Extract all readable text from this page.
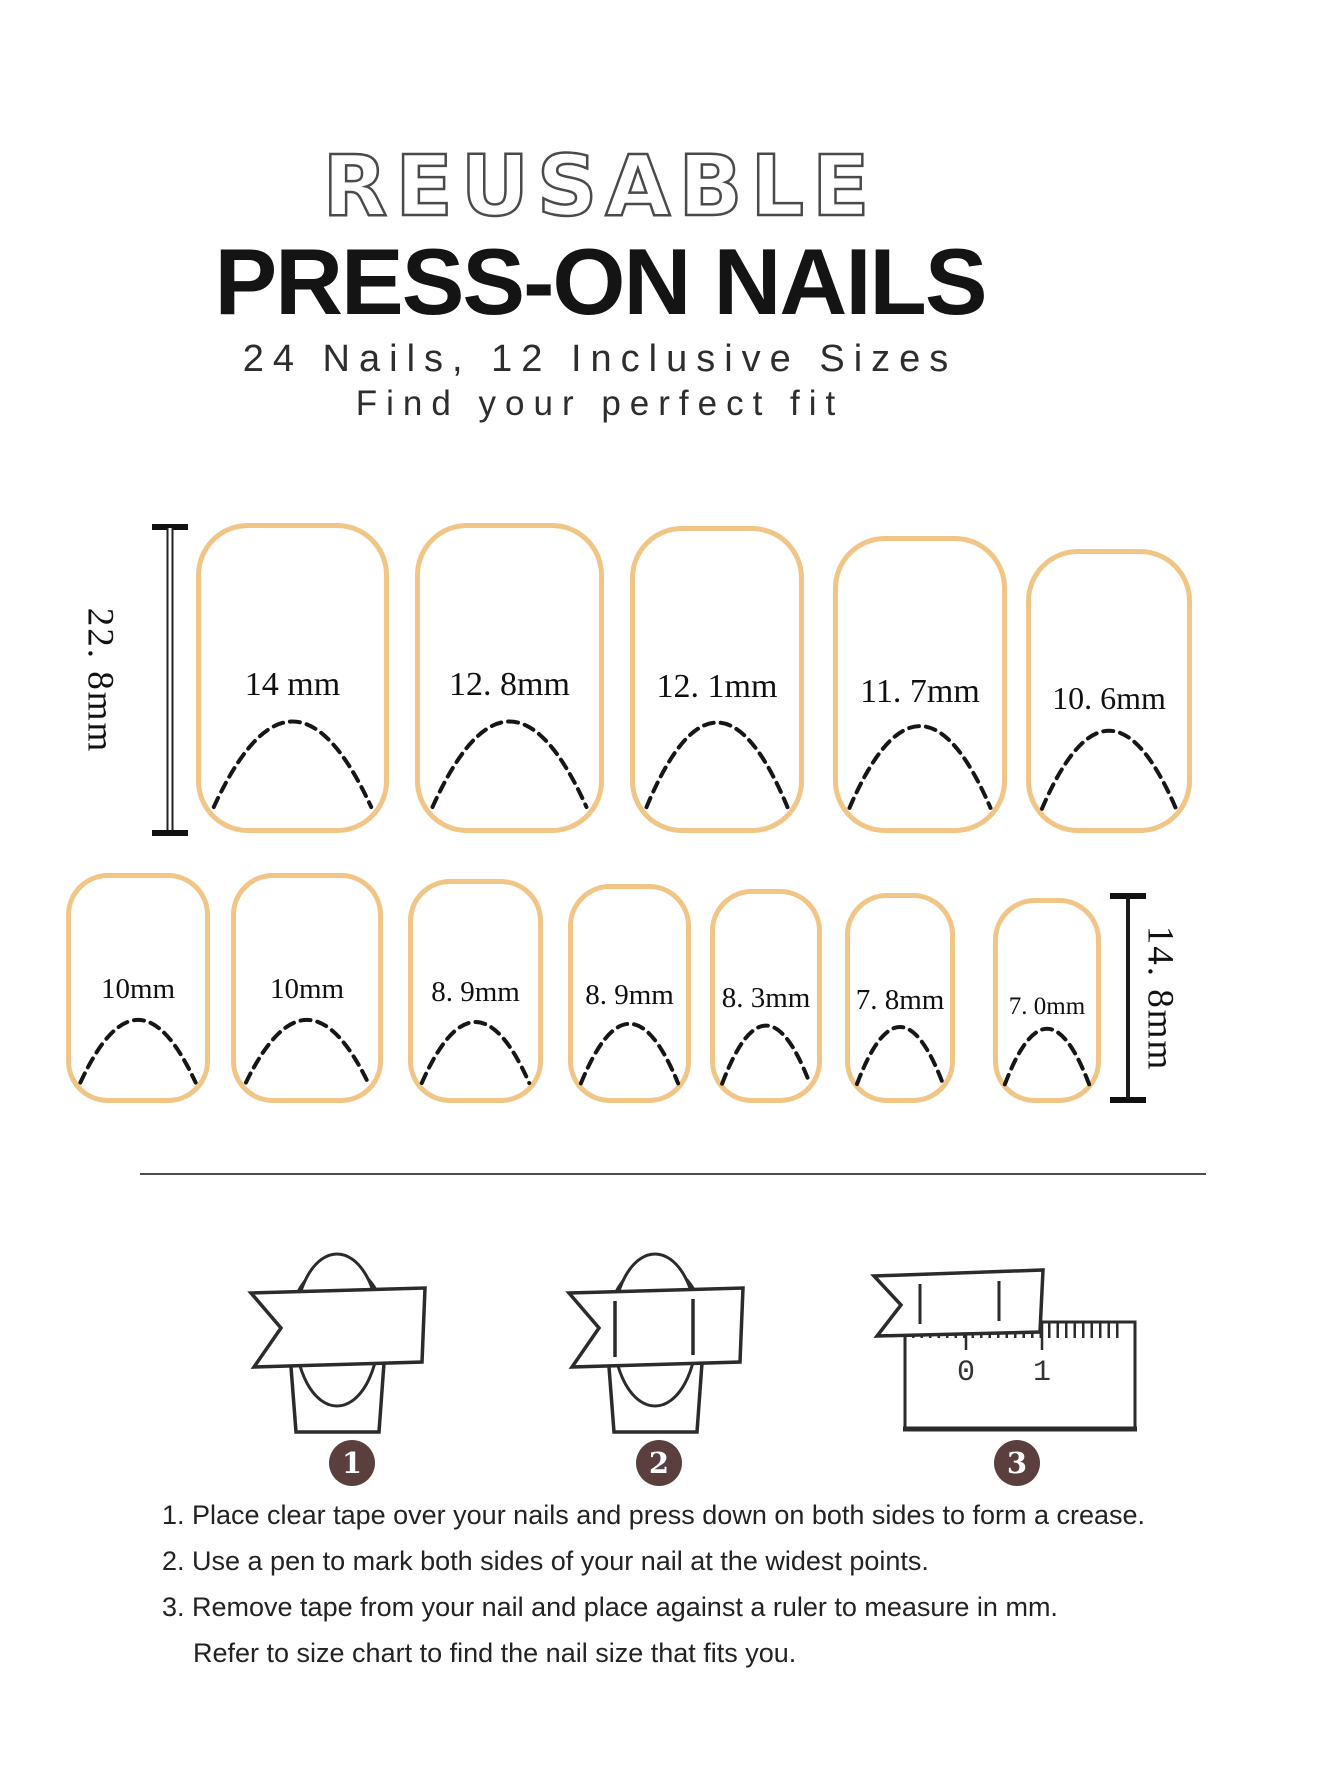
REUSABLE
PRESS-ON NAILS
24 Nails, 12 Inclusive Sizes
Find your perfect fit
22. 8mm	14 mm	12. 8mm	12. 1mm	11. 7mm	10. 6mm
10mm	10mm	8. 9mm	8. 9mm	8. 3mm 7. 8mm	7. 0mm 14. 8mm
0 1
1	2	3
1. Place clear tape over your nails and press down on both sides to form a crease.
2. Use a pen to mark both sides of your nail at the widest points.
3. Remove tape from your nail and place against a ruler to measure in mm.
Refer to size chart to find the nail size that fits you.
